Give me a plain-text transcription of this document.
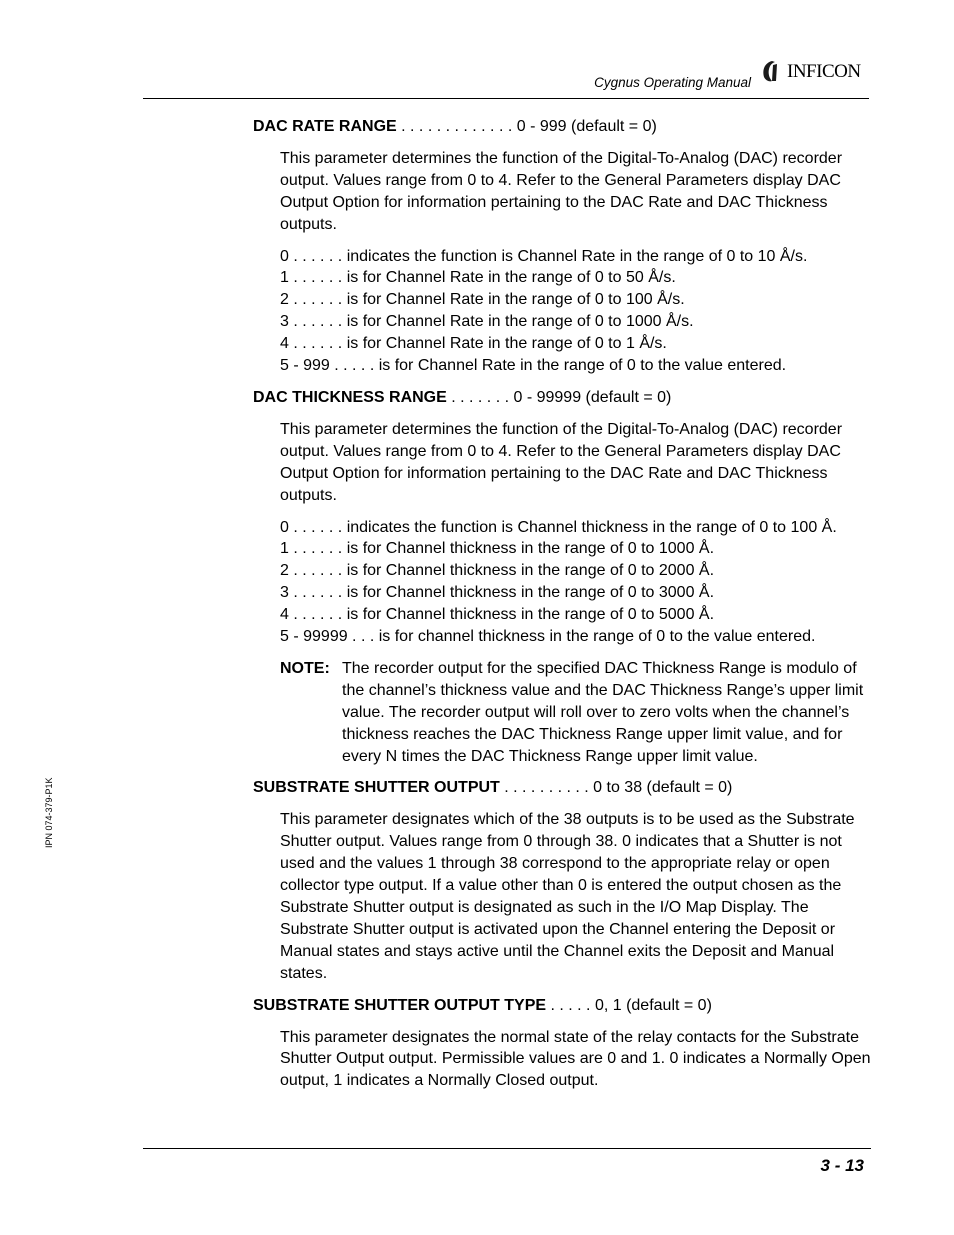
Cygnus Operating Manual
INFICON
IPN 074-379-P1K
DAC RATE RANGE . . . . . . . . . . . . . 0 - 999 (default = 0)
This parameter determines the function of the Digital-To-Analog (DAC) recorder output. Values range from 0 to 4. Refer to the General Parameters display DAC Output Option for information pertaining to the DAC Rate and DAC Thickness outputs.
0 . . . . . . indicates the function is Channel Rate in the range of 0 to 10 Å/s.
1 . . . . . . is for Channel Rate in the range of 0 to 50 Å/s.
2 . . . . . . is for Channel Rate in the range of 0 to 100 Å/s.
3 . . . . . . is for Channel Rate in the range of 0 to 1000 Å/s.
4 . . . . . . is for Channel Rate in the range of 0 to 1 Å/s.
5 - 999 . . . . . is for Channel Rate in the range of 0 to the value entered.
DAC THICKNESS RANGE . . . . . . . 0 - 99999 (default = 0)
This parameter determines the function of the Digital-To-Analog (DAC) recorder output. Values range from 0 to 4. Refer to the General Parameters display DAC Output Option for information pertaining to the DAC Rate and DAC Thickness outputs.
0 . . . . . . indicates the function is Channel thickness in the range of 0 to 100 Å.
1 . . . . . . is for Channel thickness in the range of 0 to 1000 Å.
2 . . . . . . is for Channel thickness in the range of 0 to 2000 Å.
3 . . . . . . is for Channel thickness in the range of 0 to 3000 Å.
4 . . . . . . is for Channel thickness in the range of 0 to 5000 Å.
5 - 99999 . . . is for channel thickness in the range of 0 to the value entered.
NOTE: The recorder output for the specified DAC Thickness Range is modulo of the channel’s thickness value and the DAC Thickness Range’s upper limit value. The recorder output will roll over to zero volts when the channel’s thickness reaches the DAC Thickness Range upper limit value, and for every N times the DAC Thickness Range upper limit value.
SUBSTRATE SHUTTER OUTPUT . . . . . . . . . . 0 to 38 (default = 0)
This parameter designates which of the 38 outputs is to be used as the Substrate Shutter output. Values range from 0 through 38. 0 indicates that a Shutter is not used and the values 1 through 38 correspond to the appropriate relay or open collector type output. If a value other than 0 is entered the output chosen as the Substrate Shutter output is designated as such in the I/O Map Display. The Substrate Shutter output is activated upon the Channel entering the Deposit or Manual states and stays active until the Channel exits the Deposit and Manual states.
SUBSTRATE SHUTTER OUTPUT TYPE . . . . . 0, 1 (default = 0)
This parameter designates the normal state of the relay contacts for the Substrate Shutter Output output. Permissible values are 0 and 1. 0 indicates a Normally Open output, 1 indicates a Normally Closed output.
3 - 13
